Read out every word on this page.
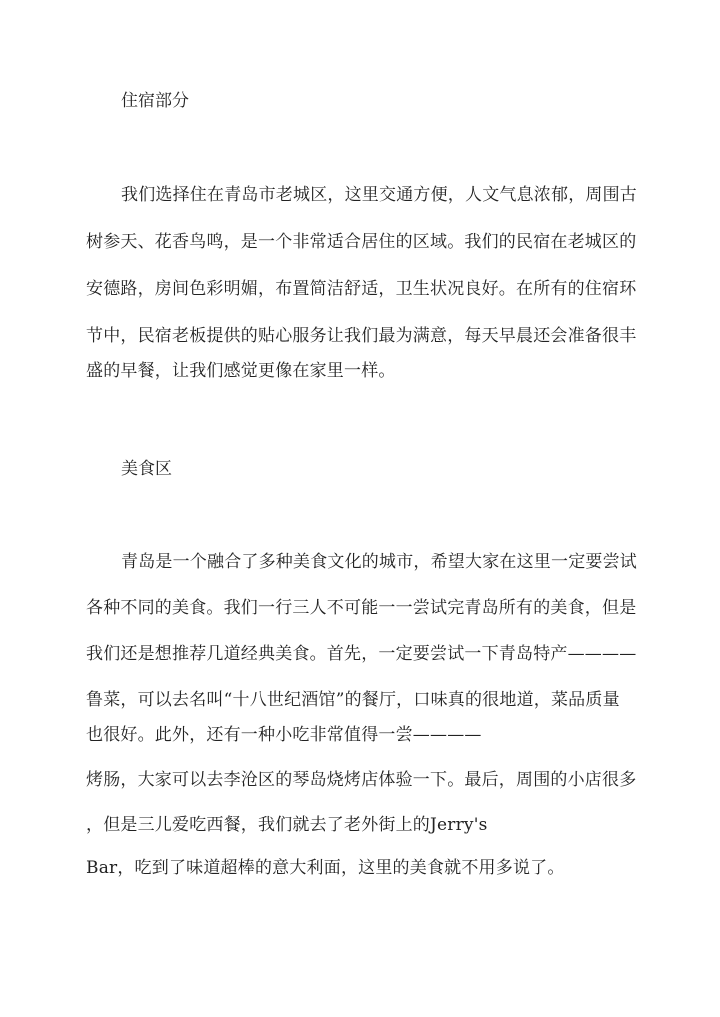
住宿部分
我们选择住在青岛市老城区，这里交通方便，人文气息浓郁，周围古
树参天、花香鸟鸣，是一个非常适合居住的区域。我们的民宿在老城区的
安德路，房间色彩明媚，布置简洁舒适，卫生状况良好。在所有的住宿环
节中，民宿老板提供的贴心服务让我们最为满意，每天早晨还会准备很丰
盛的早餐，让我们感觉更像在家里一样。
美食区
青岛是一个融合了多种美食文化的城市，希望大家在这里一定要尝试
各种不同的美食。我们一行三人不可能一一尝试完青岛所有的美食，但是
我们还是想推荐几道经典美食。首先，一定要尝试一下青岛特产————
鲁菜，可以去名叫“十八世纪酒馆”的餐厅，口味真的很地道，菜品质量
也很好。此外，还有一种小吃非常值得一尝————
烤肠，大家可以去李沧区的琴岛烧烤店体验一下。最后，周围的小店很多
，但是三儿爱吃西餐，我们就去了老外街上的Jerry's
Bar，吃到了味道超棒的意大利面，这里的美食就不用多说了。
